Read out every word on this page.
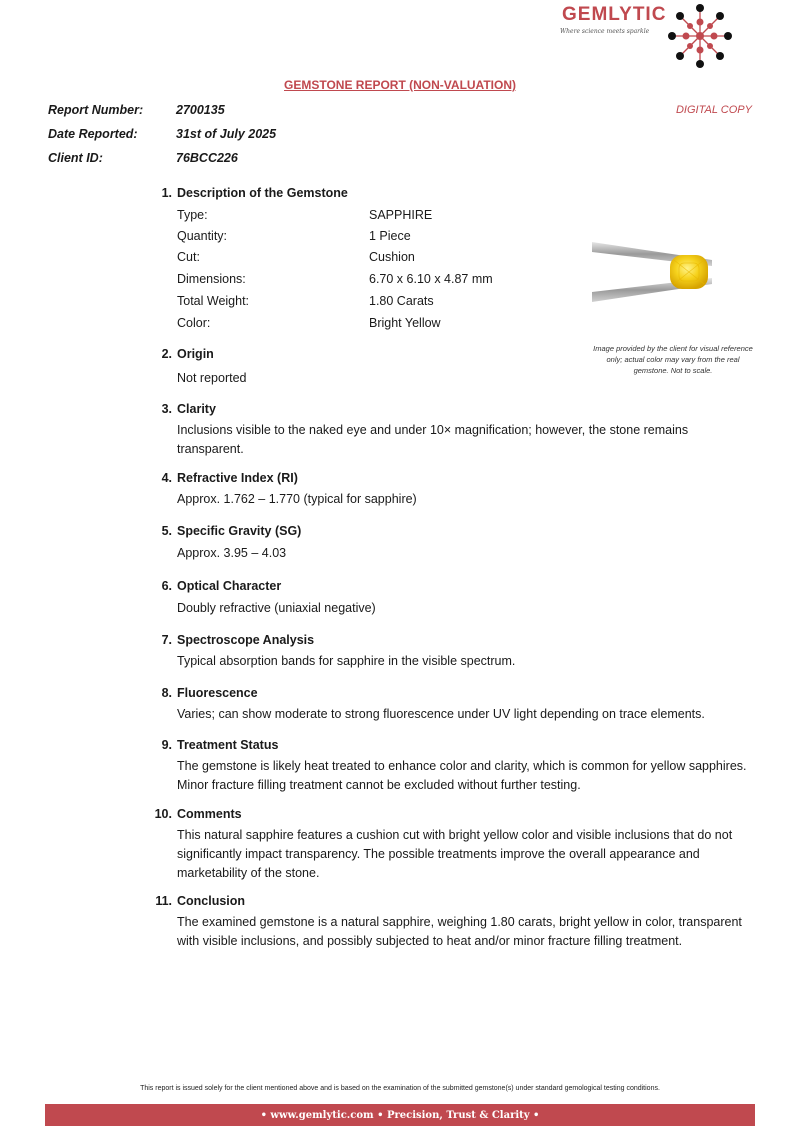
GEMLYTIC
Where science meets sparkle
GEMSTONE REPORT (NON-VALUATION)
DIGITAL COPY
Report Number:	2700135
Date Reported:	31st of July 2025
Client ID:	76BCC226
1. Description of the Gemstone
Type:	SAPPHIRE
Quantity:	1 Piece
Cut:	Cushion
Dimensions:	6.70 x 6.10 x 4.87 mm
Total Weight:	1.80 Carats
Color:	Bright Yellow
Image provided by the client for visual reference only; actual color may vary from the real gemstone. Not to scale.
2. Origin
Not reported
3. Clarity
Inclusions visible to the naked eye and under 10× magnification; however, the stone remains transparent.
4. Refractive Index (RI)
Approx. 1.762 – 1.770 (typical for sapphire)
5. Specific Gravity (SG)
Approx. 3.95 – 4.03
6. Optical Character
Doubly refractive (uniaxial negative)
7. Spectroscope Analysis
Typical absorption bands for sapphire in the visible spectrum.
8. Fluorescence
Varies; can show moderate to strong fluorescence under UV light depending on trace elements.
9. Treatment Status
The gemstone is likely heat treated to enhance color and clarity, which is common for yellow sapphires. Minor fracture filling treatment cannot be excluded without further testing.
10. Comments
This natural sapphire features a cushion cut with bright yellow color and visible inclusions that do not significantly impact transparency. The possible treatments improve the overall appearance and marketability of the stone.
11. Conclusion
The examined gemstone is a natural sapphire, weighing 1.80 carats, bright yellow in color, transparent with visible inclusions, and possibly subjected to heat and/or minor fracture filling treatment.
This report is issued solely for the client mentioned above and is based on the examination of the submitted gemstone(s) under standard gemological testing conditions.
• www.gemlytic.com • Precision, Trust & Clarity •
